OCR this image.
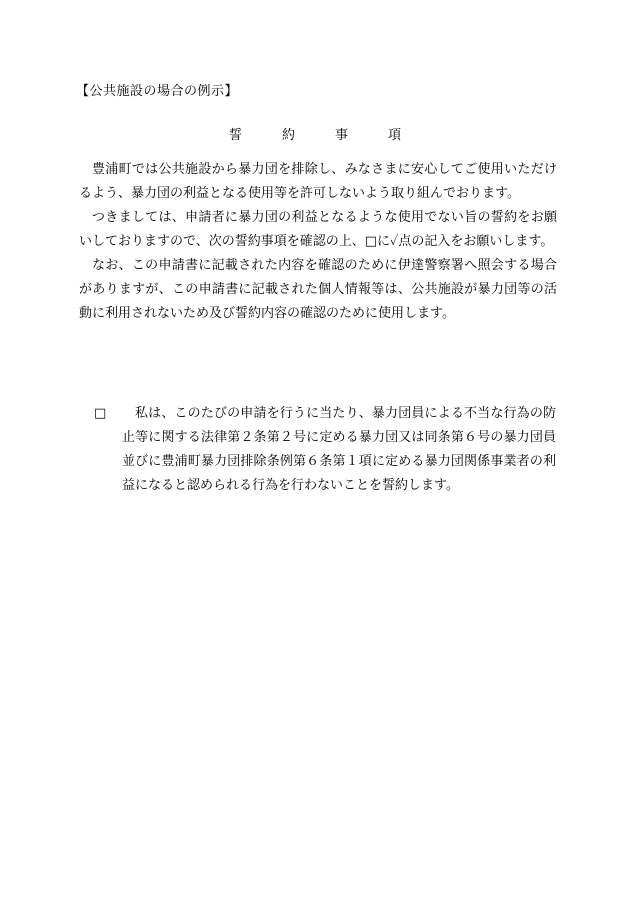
【公共施設の場合の例示】
誓	約	事	項

豊浦町では公共施設から暴力団を排除し、みなさまに安心してご使用いただけるよう、暴力団の利益となる使用等を許可しないよう取り組んでおります。

つきましては、申請者に暴力団の利益となるような使用でない旨の誓約をお願いしておりますので、次の誓約事項を確認の上、□に✓点の記入をお願いします。

なお、この申請書に記載された内容を確認のために伊達警察署へ照会する場合がありますが、この申請書に記載された個人情報等は、公共施設が暴力団等の活動に利用されないため及び誓約内容の確認のために使用します。

□	私は、このたびの申請を行うに当たり、暴力団員による不当な行為の防止等に関する法律第２条第２号に定める暴力団又は同条第６号の暴力団員並びに豊浦町暴力団排除条例第６条第１項に定める暴力団関係事業者の利益になると認められる行為を行わないことを誓約します。
